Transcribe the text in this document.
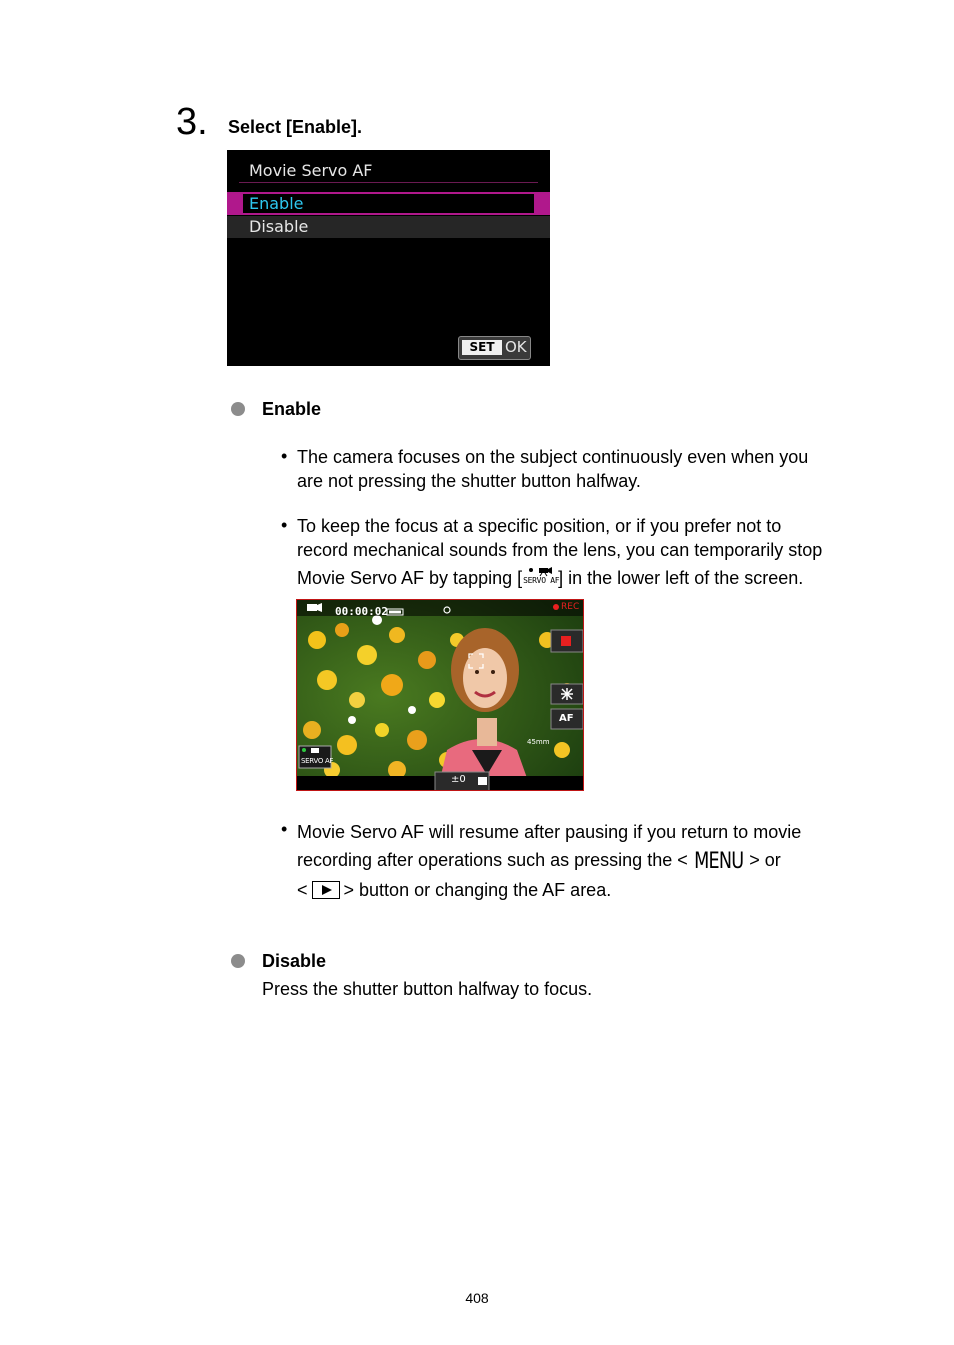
3. Select [Enable].
Movie Servo AF
Enable
Disable
SET OK
Enable
• The camera focuses on the subject continuously even when you
are not pressing the shutter button halfway.
• To keep the focus at a specific position, or if you prefer not to
record mechanical sounds from the lens, you can temporarily stop
Movie Servo AF by tapping [ SERVO AF
] in the lower left of the screen.
00:00:02	REC
AF
45mm
SERVO AF
±0
• Movie Servo AF will resume after pausing if you return to movie
recording after operations such as pressing the < MENU > or
< > button or changing the AF area.
Disable
Press the shutter button halfway to focus.
408
